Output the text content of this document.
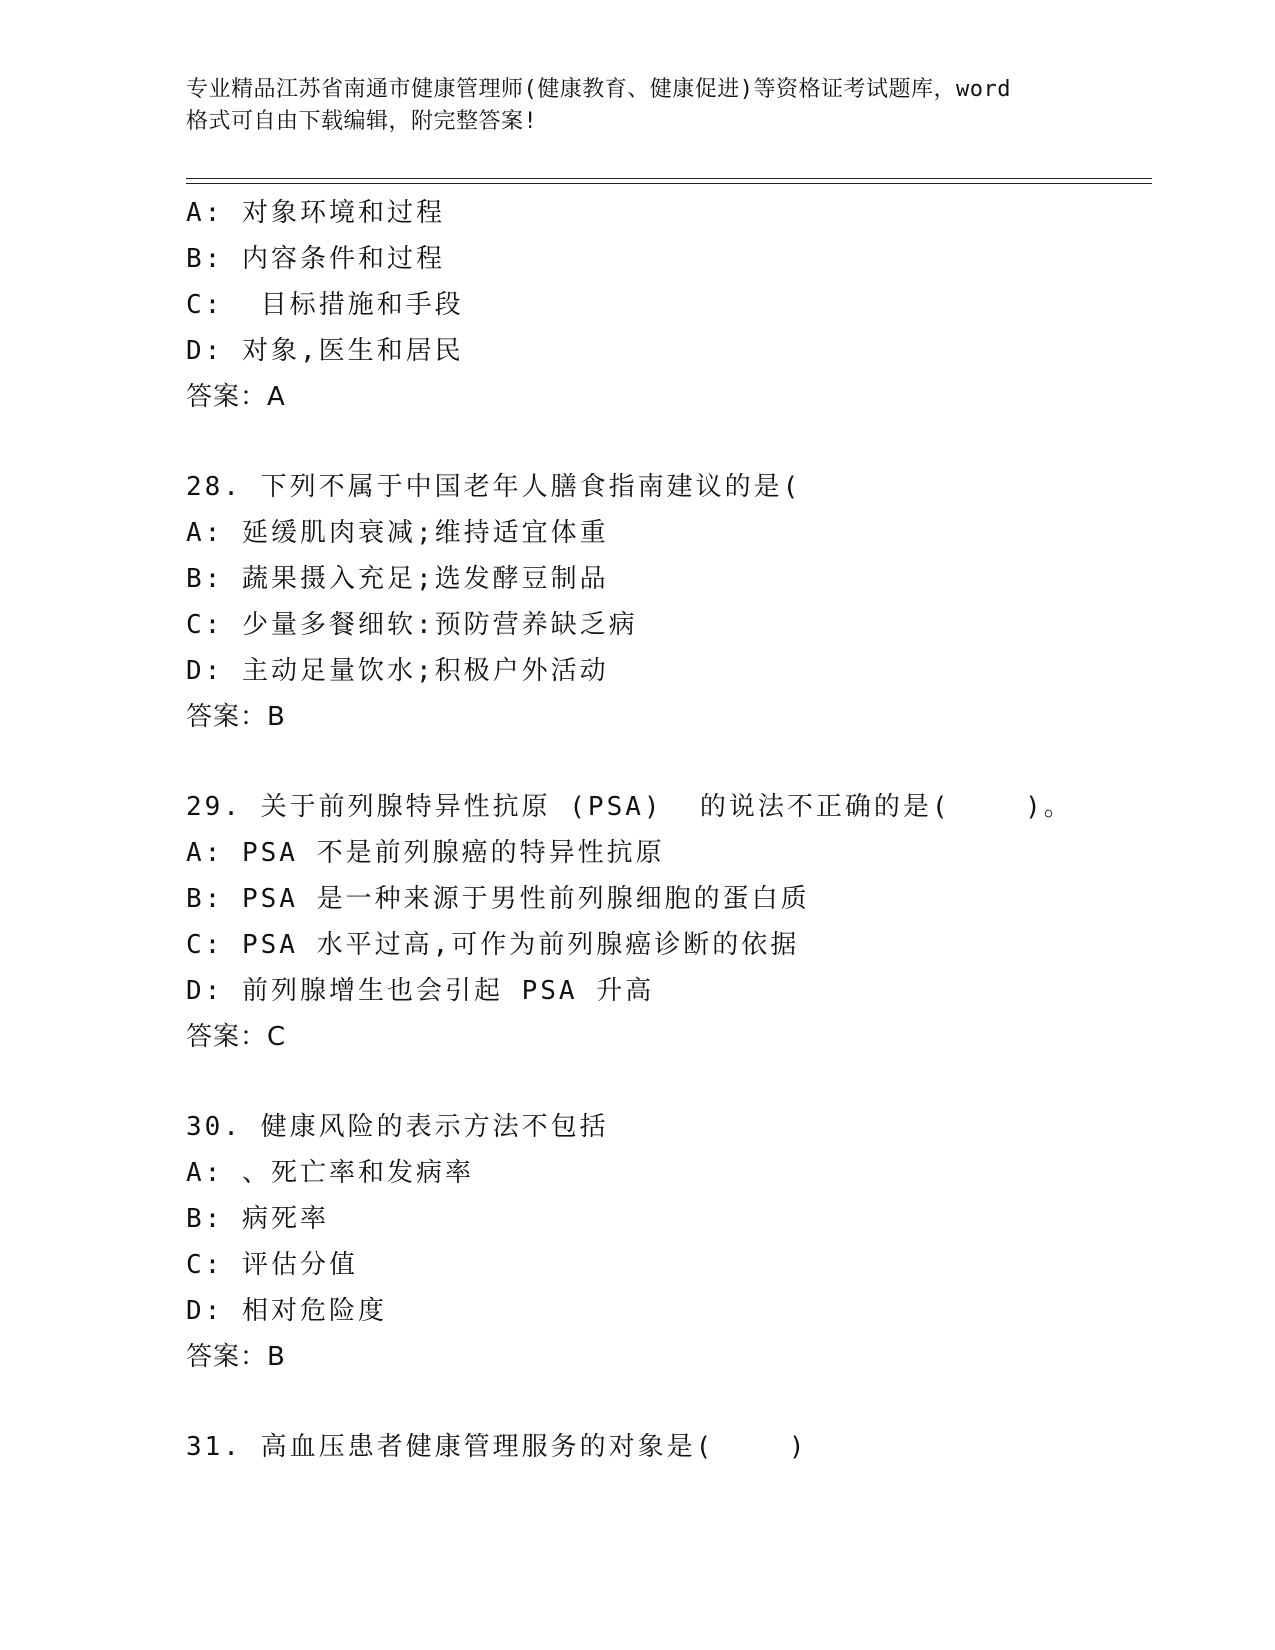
专业精品江苏省南通市健康管理师(健康教育、健康促进)等资格证考试题库，word
格式可自由下载编辑，附完整答案!
A: 对象环境和过程
B: 内容条件和过程
C:  目标措施和手段
D: 对象,医生和居民
答案：A
28. 下列不属于中国老年人膳食指南建议的是(
A: 延缓肌肉衰减;维持适宜体重
B: 蔬果摄入充足;选发酵豆制品
C: 少量多餐细软:预防营养缺乏病
D: 主动足量饮水;积极户外活动
答案：B
29. 关于前列腺特异性抗原 (PSA)  的说法不正确的是(    )。
A: PSA 不是前列腺癌的特异性抗原
B: PSA 是一种来源于男性前列腺细胞的蛋白质
C: PSA 水平过高,可作为前列腺癌诊断的依据
D: 前列腺增生也会引起 PSA 升高
答案：C
30. 健康风险的表示方法不包括
A: 、死亡率和发病率
B: 病死率
C: 评估分值
D: 相对危险度
答案：B
31. 高血压患者健康管理服务的对象是(    )
